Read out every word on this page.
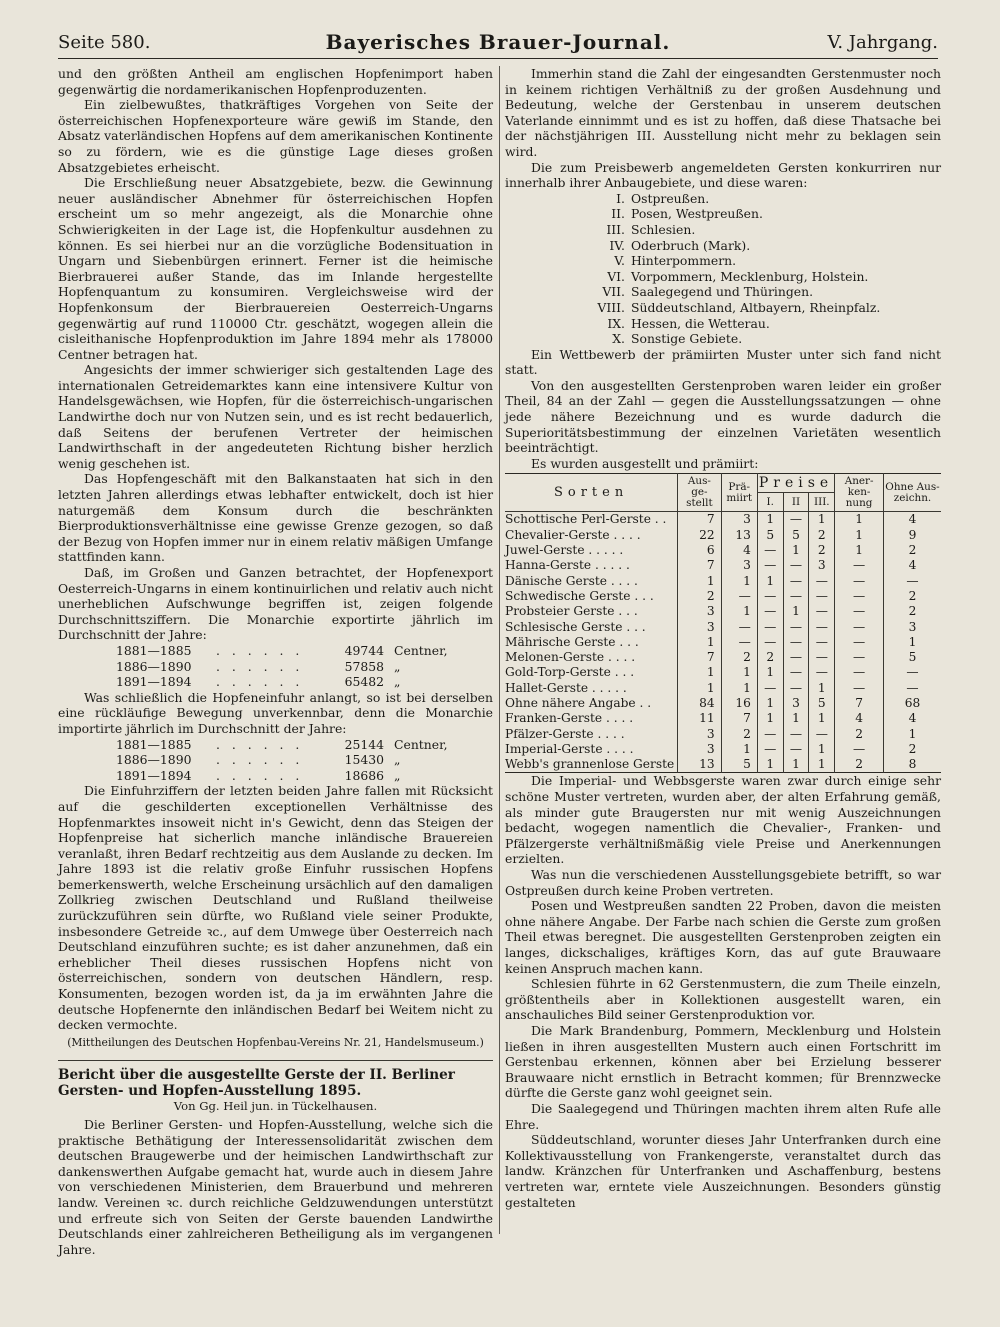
Seite 580.	Bayerisches Brauer-Journal.	V. Jahrgang.

und den größten Antheil am englischen Hopfenimport haben gegenwärtig die nordamerikanischen Hopfenproduzenten.

Ein zielbewußtes, thatkräftiges Vorgehen von Seite der österreichischen Hopfenexporteure wäre gewiß im Stande, den Absatz vaterländischen Hopfens auf dem amerikanischen Kontinente so zu fördern, wie es die günstige Lage dieses großen Absatzgebietes erheischt.

Die Erschließung neuer Absatzgebiete, bezw. die Gewinnung neuer ausländischer Abnehmer für österreichischen Hopfen erscheint um so mehr angezeigt, als die Monarchie ohne Schwierigkeiten in der Lage ist, die Hopfenkultur ausdehnen zu können. Es sei hierbei nur an die vorzügliche Bodensituation in Ungarn und Siebenbürgen erinnert. Ferner ist die heimische Bierbrauerei außer Stande, das im Inlande hergestellte Hopfenquantum zu konsumiren. Vergleichsweise wird der Hopfenkonsum der Bierbrauereien Oesterreich-Ungarns gegenwärtig auf rund 110000 Ctr. geschätzt, wogegen allein die cisleithanische Hopfenproduktion im Jahre 1894 mehr als 178000 Centner betragen hat.

Angesichts der immer schwieriger sich gestaltenden Lage des internationalen Getreidemarktes kann eine intensivere Kultur von Handelsgewächsen, wie Hopfen, für die österreichisch-ungarischen Landwirthe doch nur von Nutzen sein, und es ist recht bedauerlich, daß Seitens der berufenen Vertreter der heimischen Landwirthschaft in der angedeuteten Richtung bisher herzlich wenig geschehen ist.

Das Hopfengeschäft mit den Balkanstaaten hat sich in den letzten Jahren allerdings etwas lebhafter entwickelt, doch ist hier naturgemäß dem Konsum durch die beschränkten Bierproduktionsverhältnisse eine gewisse Grenze gezogen, so daß der Bezug von Hopfen immer nur in einem relativ mäßigen Umfange stattfinden kann.

Daß, im Großen und Ganzen betrachtet, der Hopfenexport Oesterreich-Ungarns in einem kontinuirlichen und relativ auch nicht unerheblichen Aufschwunge begriffen ist, zeigen folgende Durchschnittsziffern. Die Monarchie exportirte jährlich im Durchschnitt der Jahre:

1881—1885	. . . . . .	49744 Centner,
1886—1890	. . . . . .	57858 „
1891—1894	. . . . . .	65482 „

Was schließlich die Hopfeneinfuhr anlangt, so ist bei derselben eine rückläufige Bewegung unverkennbar, denn die Monarchie importirte jährlich im Durchschnitt der Jahre:

1881—1885	. . . . . .	25144 Centner,
1886—1890	. . . . . .	15430 „
1891—1894	. . . . . .	18686 „

Die Einfuhrziffern der letzten beiden Jahre fallen mit Rücksicht auf die geschilderten exceptionellen Verhältnisse des Hopfenmarktes insoweit nicht in's Gewicht, denn das Steigen der Hopfenpreise hat sicherlich manche inländische Brauereien veranlaßt, ihren Bedarf rechtzeitig aus dem Auslande zu decken. Im Jahre 1893 ist die relativ große Einfuhr russischen Hopfens bemerkenswerth, welche Erscheinung ursächlich auf den damaligen Zollkrieg zwischen Deutschland und Rußland theilweise zurückzuführen sein dürfte, wo Rußland viele seiner Produkte, insbesondere Getreide ꝛc., auf dem Umwege über Oesterreich nach Deutschland einzuführen suchte; es ist daher anzunehmen, daß ein erheblicher Theil dieses russischen Hopfens nicht von österreichischen, sondern von deutschen Händlern, resp. Konsumenten, bezogen worden ist, da ja im erwähnten Jahre die deutsche Hopfenernte den inländischen Bedarf bei Weitem nicht zu decken vermochte.

(Mittheilungen des Deutschen Hopfenbau-Vereins Nr. 21, Handelsmuseum.)

Bericht über die ausgestellte Gerste der II. Berliner Gersten- und Hopfen-Ausstellung 1895.
Von Gg. Heil jun. in Tückelhausen.

Die Berliner Gersten- und Hopfen-Ausstellung, welche sich die praktische Bethätigung der Interessensolidarität zwischen dem deutschen Braugewerbe und der heimischen Landwirthschaft zur dankenswerthen Aufgabe gemacht hat, wurde auch in diesem Jahre von verschiedenen Ministerien, dem Brauerbund und mehreren landw. Vereinen ꝛc. durch reichliche Geldzuwendungen unterstützt und erfreute sich von Seiten der Gerste bauenden Landwirthe Deutschlands einer zahlreicheren Betheiligung als im vergangenen Jahre.

Immerhin stand die Zahl der eingesandten Gerstenmuster noch in keinem richtigen Verhältniß zu der großen Ausdehnung und Bedeutung, welche der Gerstenbau in unserem deutschen Vaterlande einnimmt und es ist zu hoffen, daß diese Thatsache bei der nächstjährigen III. Ausstellung nicht mehr zu beklagen sein wird.

Die zum Preisbewerb angemeldeten Gersten konkurriren nur innerhalb ihrer Anbaugebiete, und diese waren:

I. Ostpreußen.
II. Posen, Westpreußen.
III. Schlesien.
IV. Oderbruch (Mark).
V. Hinterpommern.
VI. Vorpommern, Mecklenburg, Holstein.
VII. Saalegegend und Thüringen.
VIII. Süddeutschland, Altbayern, Rheinpfalz.
IX. Hessen, die Wetterau.
X. Sonstige Gebiete.

Ein Wettbewerb der prämiirten Muster unter sich fand nicht statt.

Von den ausgestellten Gerstenproben waren leider ein großer Theil, 84 an der Zahl — gegen die Ausstellungssatzungen — ohne jede nähere Bezeichnung und es wurde dadurch die Superioritätsbestimmung der einzelnen Varietäten wesentlich beeinträchtigt.

Es wurden ausgestellt und prämiirt:

Sorten	Aus- ge- stellt	Prä- miirt	Preise			Aner- ken- nung	Ohne Aus- zeichn.
			I.	II	III.		
Schottische Perl-Gerste . .	7	3	1	—	1	1	4
Chevalier-Gerste . . . .	22	13	5	5	2	1	9
Juwel-Gerste . . . . .	6	4	—	1	2	1	2
Hanna-Gerste . . . . .	7	3	—	—	3	—	4
Dänische Gerste . . . .	1	1	1	—	—	—	—
Schwedische Gerste . . .	2	—	—	—	—	—	2
Probsteier Gerste . . .	3	1	—	1	—	—	2
Schlesische Gerste . . .	3	—	—	—	—	—	3
Mährische Gerste . . .	1	—	—	—	—	—	1
Melonen-Gerste . . . .	7	2	2	—	—	—	5
Gold-Torp-Gerste . . .	1	1	1	—	—	—	—
Hallet-Gerste . . . . .	1	1	—	—	1	—	—
Ohne nähere Angabe . .	84	16	1	3	5	7	68
Franken-Gerste . . . .	11	7	1	1	1	4	4
Pfälzer-Gerste . . . .	3	2	—	—	—	2	1
Imperial-Gerste . . . .	3	1	—	—	1	—	2
Webb's grannenlose Gerste	13	5	1	1	1	2	8

Die Imperial- und Webbsgerste waren zwar durch einige sehr schöne Muster vertreten, wurden aber, der alten Erfahrung gemäß, als minder gute Braugersten nur mit wenig Auszeichnungen bedacht, wogegen namentlich die Chevalier-, Franken- und Pfälzergerste verhältnißmäßig viele Preise und Anerkennungen erzielten.

Was nun die verschiedenen Ausstellungsgebiete betrifft, so war Ostpreußen durch keine Proben vertreten.

Posen und Westpreußen sandten 22 Proben, davon die meisten ohne nähere Angabe. Der Farbe nach schien die Gerste zum großen Theil etwas beregnet. Die ausgestellten Gerstenproben zeigten ein langes, dickschaliges, kräftiges Korn, das auf gute Brauwaare keinen Anspruch machen kann.

Schlesien führte in 62 Gerstenmustern, die zum Theile einzeln, größtentheils aber in Kollektionen ausgestellt waren, ein anschauliches Bild seiner Gerstenproduktion vor.

Die Mark Brandenburg, Pommern, Mecklenburg und Holstein ließen in ihren ausgestellten Mustern auch einen Fortschritt im Gerstenbau erkennen, können aber bei Erzielung besserer Brauwaare nicht ernstlich in Betracht kommen; für Brennzwecke dürfte die Gerste ganz wohl geeignet sein.

Die Saalegegend und Thüringen machten ihrem alten Rufe alle Ehre.

Süddeutschland, worunter dieses Jahr Unterfranken durch eine Kollektivausstellung von Frankengerste, veranstaltet durch das landw. Kränzchen für Unterfranken und Aschaffenburg, bestens vertreten war, erntete viele Auszeichnungen. Besonders günstig gestalteten
